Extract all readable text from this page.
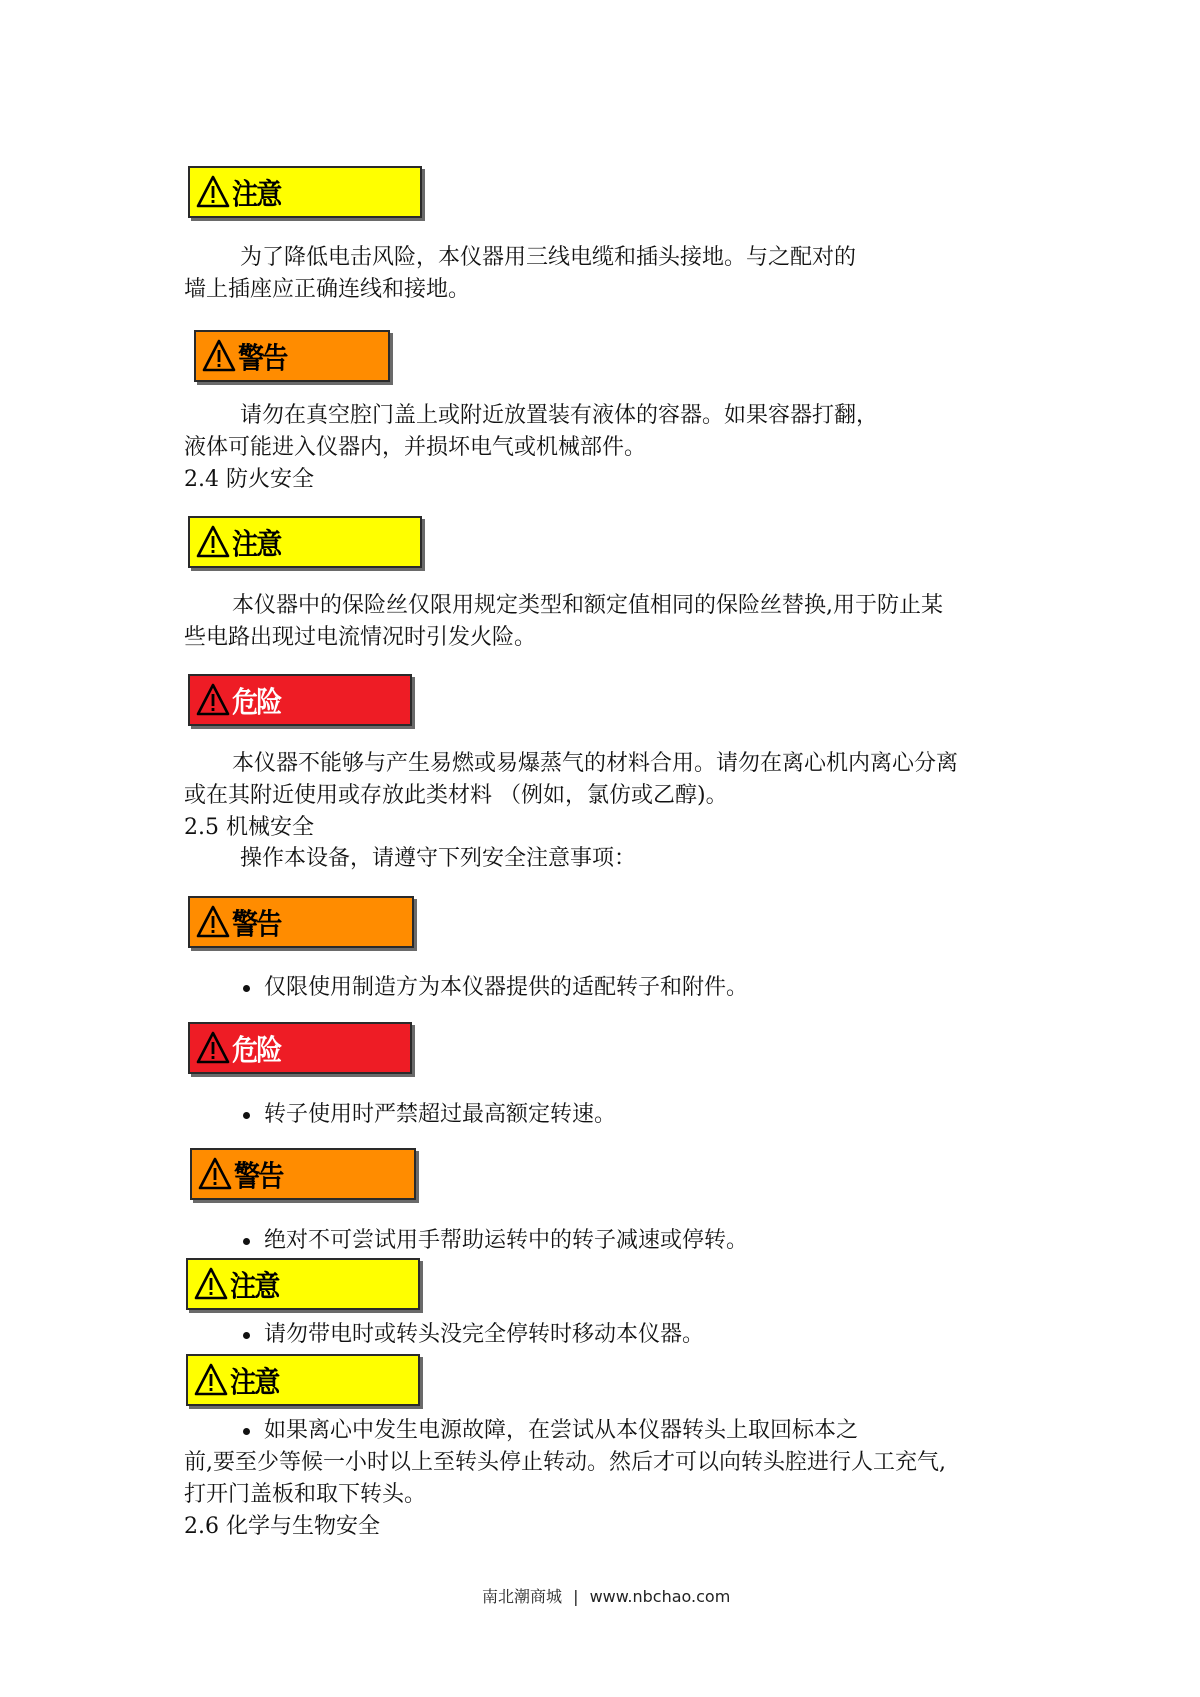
注意
为了降低电击风险，本仪器用三线电缆和插头接地。与之配对的
墙上插座应正确连线和接地。
警告
请勿在真空腔门盖上或附近放置装有液体的容器。如果容器打翻，
液体可能进入仪器内，并损坏电气或机械部件。
2.4 防火安全
注意
本仪器中的保险丝仅限用规定类型和额定值相同的保险丝替换,用于防止某
些电路出现过电流情况时引发火险。
危险
本仪器不能够与产生易燃或易爆蒸气的材料合用。请勿在离心机内离心分离
或在其附近使用或存放此类材料 （例如，氯仿或乙醇)。
2.5 机械安全
操作本设备，请遵守下列安全注意事项：
警告
仅限使用制造方为本仪器提供的适配转子和附件。
危险
转子使用时严禁超过最高额定转速。
警告
绝对不可尝试用手帮助运转中的转子减速或停转。
注意
请勿带电时或转头没完全停转时移动本仪器。
注意
如果离心中发生电源故障，在尝试从本仪器转头上取回标本之
前,要至少等候一小时以上至转头停止转动。然后才可以向转头腔进行人工充气,
打开门盖板和取下转头。
2.6 化学与生物安全
南北潮商城 | www.nbchao.com
